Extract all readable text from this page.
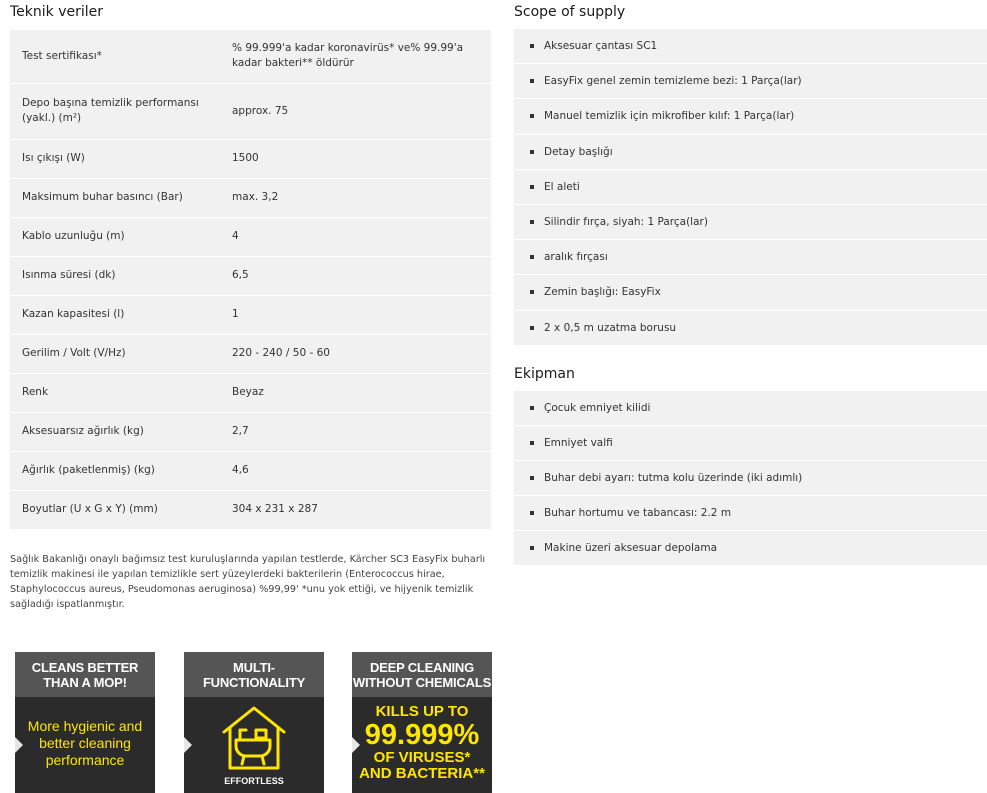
Teknik veriler
Test sertifikası*	% 99.999'a kadar koronavirüs* ve% 99.99'a kadar bakteri** öldürür
Depo başına temizlik performansı (yakl.) (m²)	approx. 75
Isı çıkışı (W)	1500
Maksimum buhar basıncı (Bar)	max. 3,2
Kablo uzunluğu (m)	4
Isınma süresi (dk)	6,5
Kazan kapasitesi (l)	1
Gerilim / Volt (V/Hz)	220 - 240 / 50 - 60
Renk	Beyaz
Aksesuarsız ağırlık (kg)	2,7
Ağırlık (paketlenmiş) (kg)	4,6
Boyutlar (U x G x Y) (mm)	304 x 231 x 287
Sağlık Bakanlığı onaylı bağımsız test kuruluşlarında yapılan testlerde, Kärcher SC3 EasyFix buharlı temizlik makinesi ile yapılan temizlikle sert yüzeylerdeki bakterilerin (Enterococcus hirae, Staphylococcus aureus, Pseudomonas aeruginosa) %99,99' *unu yok ettiği, ve hijyenik temizlik sağladığı ispatlanmıştır.
Scope of supply
Aksesuar çantası SC1
EasyFix genel zemin temizleme bezi: 1 Parça(lar)
Manuel temizlik için mikrofiber kılıf: 1 Parça(lar)
Detay başlığı
El aleti
Silindir fırça, siyah: 1 Parça(lar)
aralık fırçası
Zemin başlığı: EasyFix
2 x 0,5 m uzatma borusu
Ekipman
Çocuk emniyet kilidi
Emniyet valfi
Buhar debi ayarı: tutma kolu üzerinde (iki adımlı)
Buhar hortumu ve tabancası: 2.2 m
Makine üzeri aksesuar depolama
CLEANS BETTER
THAN A MOP!
More hygienic and
better cleaning
performance
MULTI-
FUNCTIONALITY
EFFORTLESS
DEEP CLEANING
WITHOUT CHEMICALS
KILLS UP TO
99.999%
OF VIRUSES*
AND BACTERIA**
